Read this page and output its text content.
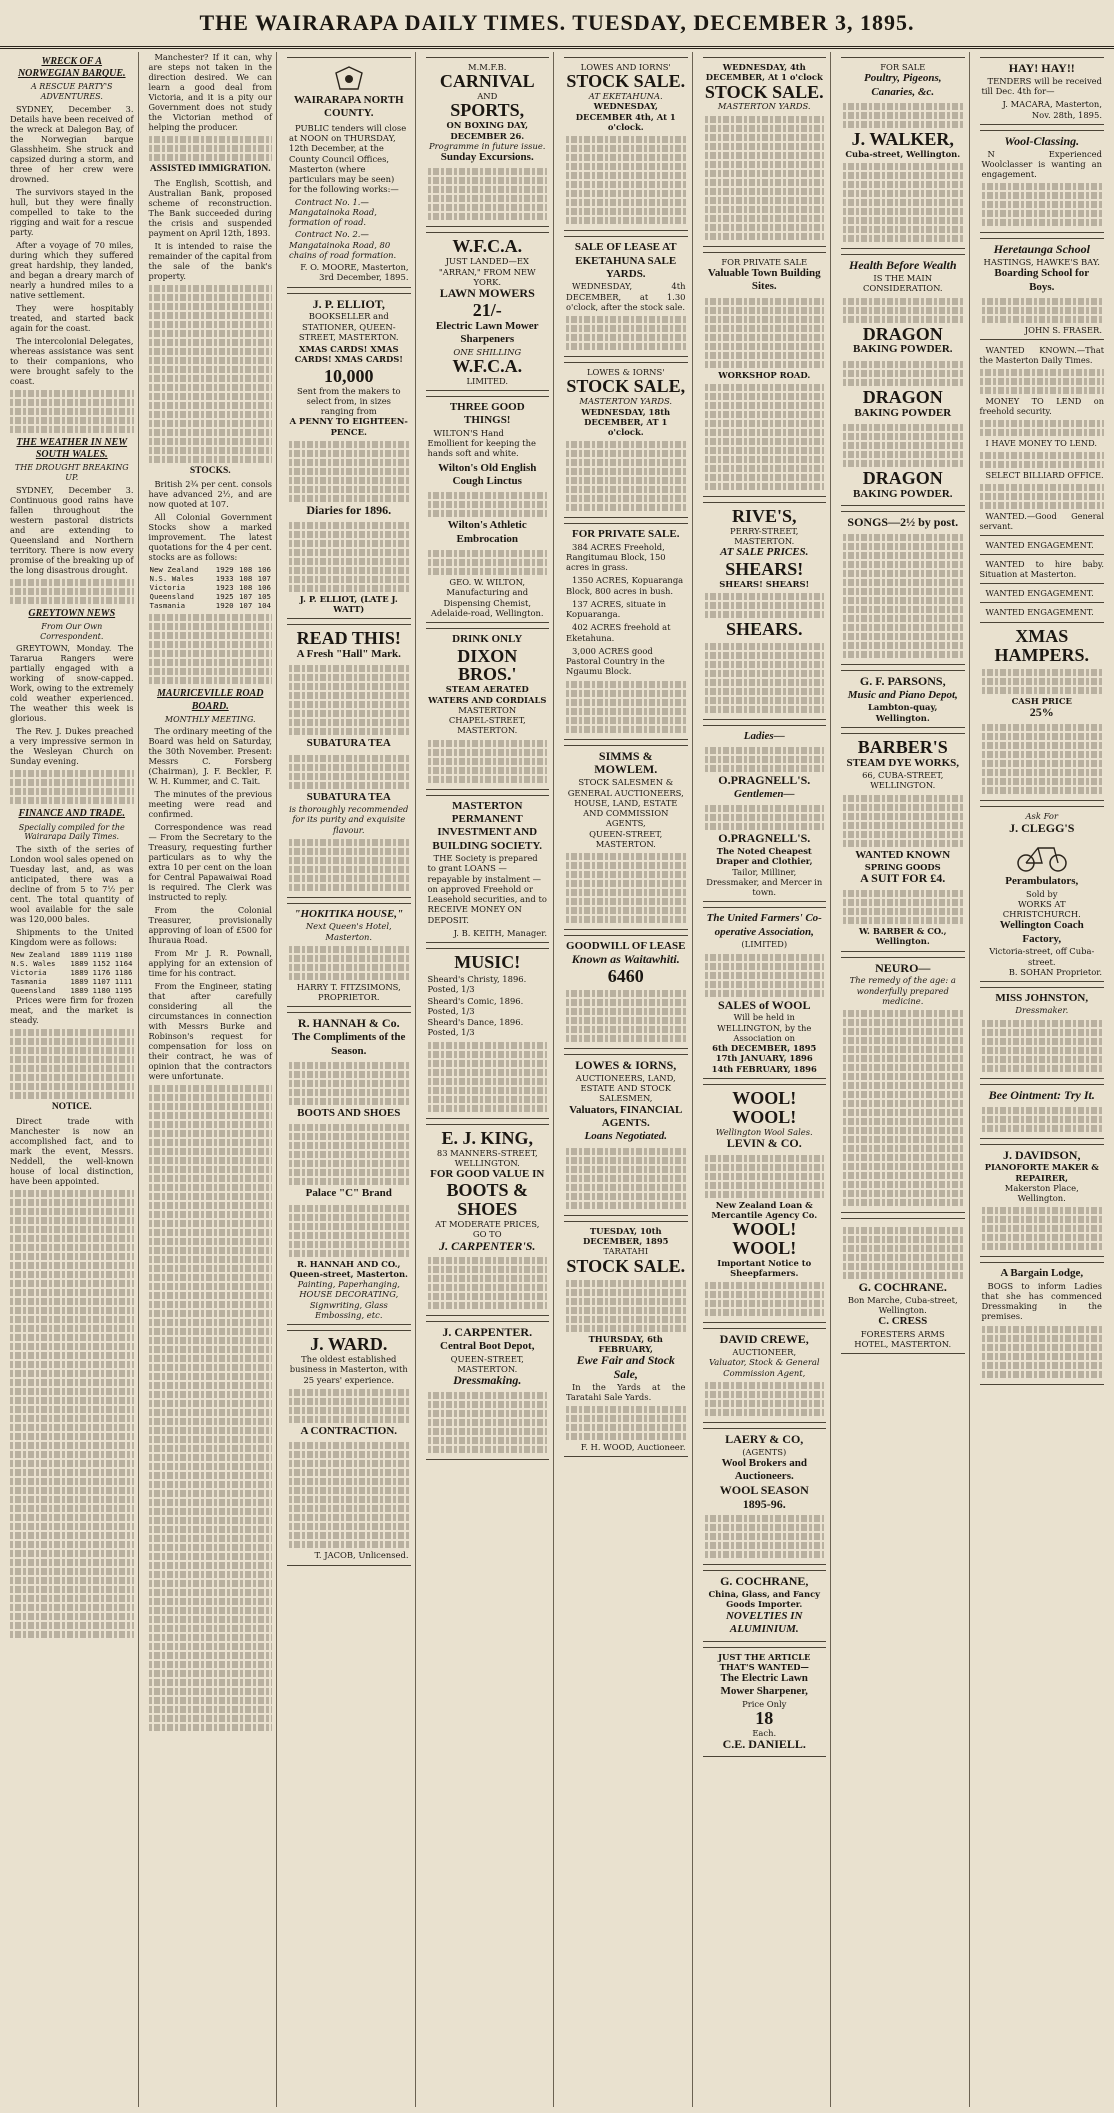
THE WAIRARAPA DAILY TIMES. TUESDAY, DECEMBER 3, 1895.
WRECK OF A NORWEGIAN BARQUE.
A RESCUE PARTY'S ADVENTURES.

SYDNEY, December 3. Details have been received of the wreck at Dalegon Bay, of the Norwegian barque Glasshheim. She struck and capsized during a storm, and three of her crew were drowned.

The survivors stayed in the hull, but they were finally compelled to take to the rigging and wait for a rescue party.

After a voyage of 70 miles, during which they suffered great hardship, they landed, and began a dreary march of nearly a hundred miles to a native settlement.

They were hospitably treated, and started back again for the coast.

The intercolonial Delegates, whereas assistance was sent to their companions, who were brought safely to the coast.

THE WEATHER IN NEW SOUTH WALES.
THE DROUGHT BREAKING UP.

SYDNEY, December 3. Continuous good rains have fallen throughout the western pastoral districts and are extending to Queensland and Northern territory. There is now every promise of the breaking up of the long disastrous drought.

GREYTOWN NEWS
From Our Own Correspondent.

GREYTOWN, Monday. The Tararua Rangers were partially engaged with a working of snow-capped. Work, owing to the extremely cold weather experienced. The weather this week is glorious.

The Rev. J. Dukes preached a very impressive sermon in the Wesleyan Church on Sunday evening.

FINANCE AND TRADE.
Specially compiled for the Wairarapa Daily Times.

The sixth of the series of London wool sales opened on Tuesday last, and, as was anticipated, there was a decline of from 5 to 7½ per cent. The total quantity of wool available for the sale was 120,000 bales.

Shipments to the United Kingdom were as follows:

New Zealand	1889	1119	1180
N.S. Wales	1889	1152	1164
Victoria	1889	1176	1186
Tasmania	1889	1107	1111
Queensland	1889	1180	1195

Prices were firm for frozen meat, and the market is steady.

NOTICE.

Direct trade with Manchester is now an accomplished fact, and to mark the event, Messrs. Neddell, the well-known house of local distinction, have been appointed.

Manchester? If it can, why are steps not taken in the direction desired. We can learn a good deal from Victoria, and it is a pity our Government does not study the Victorian method of helping the producer.

ASSISTED IMMIGRATION.

The English, Scottish, and Australian Bank, proposed scheme of reconstruction. The Bank succeeded during the crisis and suspended payment on April 12th, 1893.

It is intended to raise the remainder of the capital from the sale of the bank's property.

STOCKS.

British 2¾ per cent. consols have advanced 2½, and are now quoted at 107.

All Colonial Government Stocks show a marked improvement. The latest quotations for the 4 per cent. stocks are as follows:

New Zealand	1929	108	106
N.S. Wales	1933	108	107
Victoria	1923	108	106
Queensland	1925	107	105
Tasmania	1920	107	104
MAURICEVILLE ROAD BOARD.
MONTHLY MEETING.

The ordinary meeting of the Board was held on Saturday, the 30th November. Present: Messrs C. Forsberg (Chairman), J. F. Beckler, F. W. H. Kummer, and C. Tait.

The minutes of the previous meeting were read and confirmed.

Correspondence was read — From the Secretary to the Treasury, requesting further particulars as to why the extra 10 per cent on the loan for Central Papawaiwai Road is required. The Clerk was instructed to reply.

From the Colonial Treasurer, provisionally approving of loan of £500 for Ihuraua Road.

From Mr J. R. Pownall, applying for an extension of time for his contract.

From the Engineer, stating that after carefully considering all the circumstances in connection with Messrs Burke and Robinson's request for compensation for loss on their contract, he was of opinion that the contractors were unfortunate.

WAIRARAPA NORTH COUNTY.

PUBLIC tenders will close at NOON on THURSDAY, 12th December, at the County Council Offices, Masterton (where particulars may be seen) for the following works:—

Contract No. 1.—Mangatainoka Road, formation of road.

Contract No. 2.—Mangatainoka Road, 80 chains of road formation.

F. O. MOORE, Masterton, 3rd December, 1895.
J. P. ELLIOT,
BOOKSELLER and STATIONER, QUEEN-STREET, MASTERTON.
XMAS CARDS! XMAS CARDS! XMAS CARDS!
10,000
Sent from the makers to select from, in sizes ranging from
A PENNY TO EIGHTEEN-PENCE.
Diaries for 1896.
J. P. ELLIOT, (LATE J. WATT)
READ THIS!
A Fresh "Hall" Mark.
SUBATURA TEA
SUBATURA TEA
is thoroughly recommended for its purity and exquisite flavour.
"HOKITIKA HOUSE,"
Next Queen's Hotel, Masterton.
HARRY T. FITZSIMONS, PROPRIETOR.
R. HANNAH & Co.
The Compliments of the Season.
BOOTS AND SHOES
Palace "C" Brand
R. HANNAH AND CO., Queen-street, Masterton.
Painting, Paperhanging, HOUSE DECORATING, Signwriting, Glass Embossing, etc.
J. WARD.
The oldest established business in Masterton, with 25 years' experience.
A CONTRACTION.
T. JACOB, Unlicensed.
M.M.F.B.
CARNIVAL
AND
SPORTS,
ON BOXING DAY, DECEMBER 26.
Programme in future issue.
Sunday Excursions.
W.F.C.A.
JUST LANDED—EX "ARRAN," FROM NEW YORK.
LAWN MOWERS
21/-
Electric Lawn Mower Sharpeners
ONE SHILLING
W.F.C.A.
LIMITED.
THREE GOOD THINGS!

WILTON'S Hand Emollient for keeping the hands soft and white.

Wilton's Old English Cough Linctus
Wilton's Athletic Embrocation
GEO. W. WILTON, Manufacturing and Dispensing Chemist, Adelaide-road, Wellington.
DRINK ONLY
DIXON BROS.'
STEAM AERATED WATERS AND CORDIALS
MASTERTON
CHAPEL-STREET, MASTERTON.
MASTERTON PERMANENT INVESTMENT AND BUILDING SOCIETY.

THE Society is prepared to grant LOANS — repayable by instalment — on approved Freehold or Leasehold securities, and to RECEIVE MONEY ON DEPOSIT.

J. B. KEITH, Manager.
MUSIC!
Sheard's Christy, 1896. Posted, 1/3
Sheard's Comic, 1896. Posted, 1/3
Sheard's Dance, 1896. Posted, 1/3
E. J. KING,
83 MANNERS-STREET, WELLINGTON.
FOR GOOD VALUE IN
BOOTS & SHOES
AT MODERATE PRICES, GO TO
J. CARPENTER'S.
J. CARPENTER.
Central Boot Depot,
QUEEN-STREET, MASTERTON.
Dressmaking.
LOWES AND IORNS'
STOCK SALE.
AT EKETAHUNA.
WEDNESDAY, DECEMBER 4th, At 1 o'clock.
SALE OF LEASE AT EKETAHUNA SALE YARDS.

WEDNESDAY, 4th DECEMBER, at 1.30 o'clock, after the stock sale.

LOWES & IORNS'
STOCK SALE,
MASTERTON YARDS.
WEDNESDAY, 18th DECEMBER, AT 1 o'clock.
FOR PRIVATE SALE.

384 ACRES Freehold, Rangitumau Block, 150 acres in grass.

1350 ACRES, Kopuaranga Block, 800 acres in bush.

137 ACRES, situate in Kopuaranga.

402 ACRES freehold at Eketahuna.

3,000 ACRES good Pastoral Country in the Ngaumu Block.

SIMMS & MOWLEM.
STOCK SALESMEN & GENERAL AUCTIONEERS,
HOUSE, LAND, ESTATE AND COMMISSION AGENTS,
QUEEN-STREET, MASTERTON.
GOODWILL OF LEASE
Known as Waitawhiti.
6460
LOWES & IORNS,
AUCTIONEERS, LAND, ESTATE AND STOCK SALESMEN,
Valuators, FINANCIAL AGENTS.
Loans Negotiated.
TUESDAY, 10th DECEMBER, 1895
TARATAHI
STOCK SALE.
THURSDAY, 6th FEBRUARY,
Ewe Fair and Stock Sale,

In the Yards at the Taratahi Sale Yards.

F. H. WOOD, Auctioneer.
WEDNESDAY, 4th DECEMBER, At 1 o'clock
STOCK SALE.
MASTERTON YARDS.
FOR PRIVATE SALE
Valuable Town Building Sites.
WORKSHOP ROAD.
RIVE'S,
PERRY-STREET, MASTERTON.
AT SALE PRICES.
SHEARS!
SHEARS! SHEARS!
SHEARS.
Ladies—
O.PRAGNELL'S.
Gentlemen—
O.PRAGNELL'S.
The Noted Cheapest Draper and Clothier,
Tailor, Milliner, Dressmaker, and Mercer in town.
The United Farmers' Co-operative Association,
(LIMITED)
SALES of WOOL
Will be held in WELLINGTON, by the Association on
6th DECEMBER, 1895
17th JANUARY, 1896
14th FEBRUARY, 1896
WOOL! WOOL!
Wellington Wool Sales.
LEVIN & CO.
New Zealand Loan & Mercantile Agency Co.
WOOL! WOOL!
Important Notice to Sheepfarmers.
DAVID CREWE,
AUCTIONEER,
Valuator, Stock & General Commission Agent,
LAERY & CO,
(AGENTS)
Wool Brokers and Auctioneers.
WOOL SEASON 1895-96.
G. COCHRANE,
China, Glass, and Fancy Goods Importer.
NOVELTIES IN ALUMINIUM.
JUST THE ARTICLE THAT'S WANTED—
The Electric Lawn Mower Sharpener,
Price Only
18
Each.
C.E. DANIELL.
FOR SALE
Poultry, Pigeons, Canaries, &c.
J. WALKER,
Cuba-street, Wellington.
Health Before Wealth
IS THE MAIN CONSIDERATION.
DRAGON
BAKING POWDER.
DRAGON
BAKING POWDER
DRAGON
BAKING POWDER.
SONGS—2½ by post.
G. F. PARSONS,
Music and Piano Depot,
Lambton-quay, Wellington.
BARBER'S
STEAM DYE WORKS,
66, CUBA-STREET, WELLINGTON.
WANTED KNOWN
SPRING GOODS
A SUIT FOR £4.
W. BARBER & CO., Wellington.
NEURO—
The remedy of the age: a wonderfully prepared medicine.
G. COCHRANE.
Bon Marche, Cuba-street, Wellington.
C. CRESS
FORESTERS ARMS HOTEL, MASTERTON.
HAY! HAY!!

TENDERS will be received till Dec. 4th for—

J. MACARA, Masterton, Nov. 28th, 1895.
Wool-Classing.

N Experienced Woolclasser is wanting an engagement.

Heretaunga School
HASTINGS, HAWKE'S BAY.
Boarding School for Boys.
JOHN S. FRASER.

WANTED KNOWN.—That the Masterton Daily Times.

MONEY TO LEND on freehold security.

I HAVE MONEY TO LEND.

SELECT BILLIARD OFFICE.

WANTED.—Good General servant.

WANTED ENGAGEMENT.

WANTED to hire baby. Situation at Masterton.

WANTED ENGAGEMENT.

WANTED ENGAGEMENT.

XMAS
HAMPERS.
CASH PRICE
25%
Ask For
J. CLEGG'S
Perambulators,
Sold by
WORKS AT CHRISTCHURCH.
Wellington Coach Factory,
Victoria-street, off Cuba-street.
B. SOHAN Proprietor.
MISS JOHNSTON,
Dressmaker.
Bee Ointment: Try It.
J. DAVIDSON,
PIANOFORTE MAKER & REPAIRER,
Makerston Place, Wellington.
A Bargain Lodge,

BOGS to inform Ladies that she has commenced Dressmaking in the premises.
